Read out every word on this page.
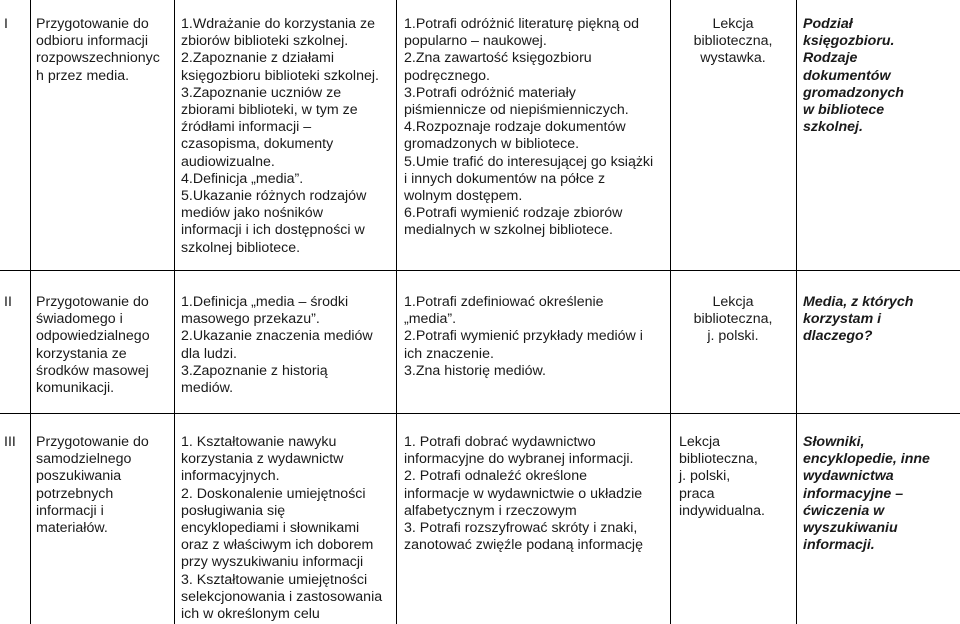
I Przygotowanie do
odbioru informacji
rozpowszechnionyc
h przez media.
1.Wdrażanie do korzystania ze
zbiorów biblioteki szkolnej.
2.Zapoznanie z działami
księgozbioru biblioteki szkolnej.
3.Zapoznanie uczniów ze
zbiorami biblioteki, w tym ze
źródłami informacji –
czasopisma, dokumenty
audiowizualne.
4.Definicja „media”.
5.Ukazanie różnych rodzajów
mediów jako nośników
informacji i ich dostępności w
szkolnej bibliotece.
1.Potrafi odróżnić literaturę piękną od
popularno – naukowej.
2.Zna zawartość księgozbioru
podręcznego.
3.Potrafi odróżnić materiały
piśmiennicze od niepiśmienniczych.
4.Rozpoznaje rodzaje dokumentów
gromadzonych w bibliotece.
5.Umie trafić do interesującej go książki
i innych dokumentów na półce z
wolnym dostępem.
6.Potrafi wymienić rodzaje zbiorów
medialnych w szkolnej bibliotece.
Lekcja
biblioteczna,
wystawka.
Podział
księgozbioru.
Rodzaje
dokumentów
gromadzonych
w bibliotece
szkolnej.
II Przygotowanie do
świadomego i
odpowiedzialnego
korzystania ze
środków masowej
komunikacji.
1.Definicja „media – środki
masowego przekazu”.
2.Ukazanie znaczenia mediów
dla ludzi.
3.Zapoznanie z historią
mediów.
1.Potrafi zdefiniować określenie
„media”.
2.Potrafi wymienić przykłady mediów i
ich znaczenie.
3.Zna historię mediów.
Lekcja
biblioteczna,
j. polski.
Media, z których
korzystam i
dlaczego?
III Przygotowanie do
samodzielnego
poszukiwania
potrzebnych
informacji i
materiałów.
1. Kształtowanie nawyku
korzystania z wydawnictw
informacyjnych.
2. Doskonalenie umiejętności
posługiwania się
encyklopediami i słownikami
oraz z właściwym ich doborem
przy wyszukiwaniu informacji
3. Kształtowanie umiejętności
selekcjonowania i zastosowania
ich w określonym celu
1. Potrafi dobrać wydawnictwo
informacyjne do wybranej informacji.
2. Potrafi odnaleźć określone
informacje w wydawnictwie o układzie
alfabetycznym i rzeczowym
3. Potrafi rozszyfrować skróty i znaki,
zanotować zwięźle podaną informację
Lekcja
biblioteczna,
j. polski,
praca
indywidualna.
Słowniki,
encyklopedie, inne
wydawnictwa
informacyjne –
ćwiczenia w
wyszukiwaniu
informacji.
